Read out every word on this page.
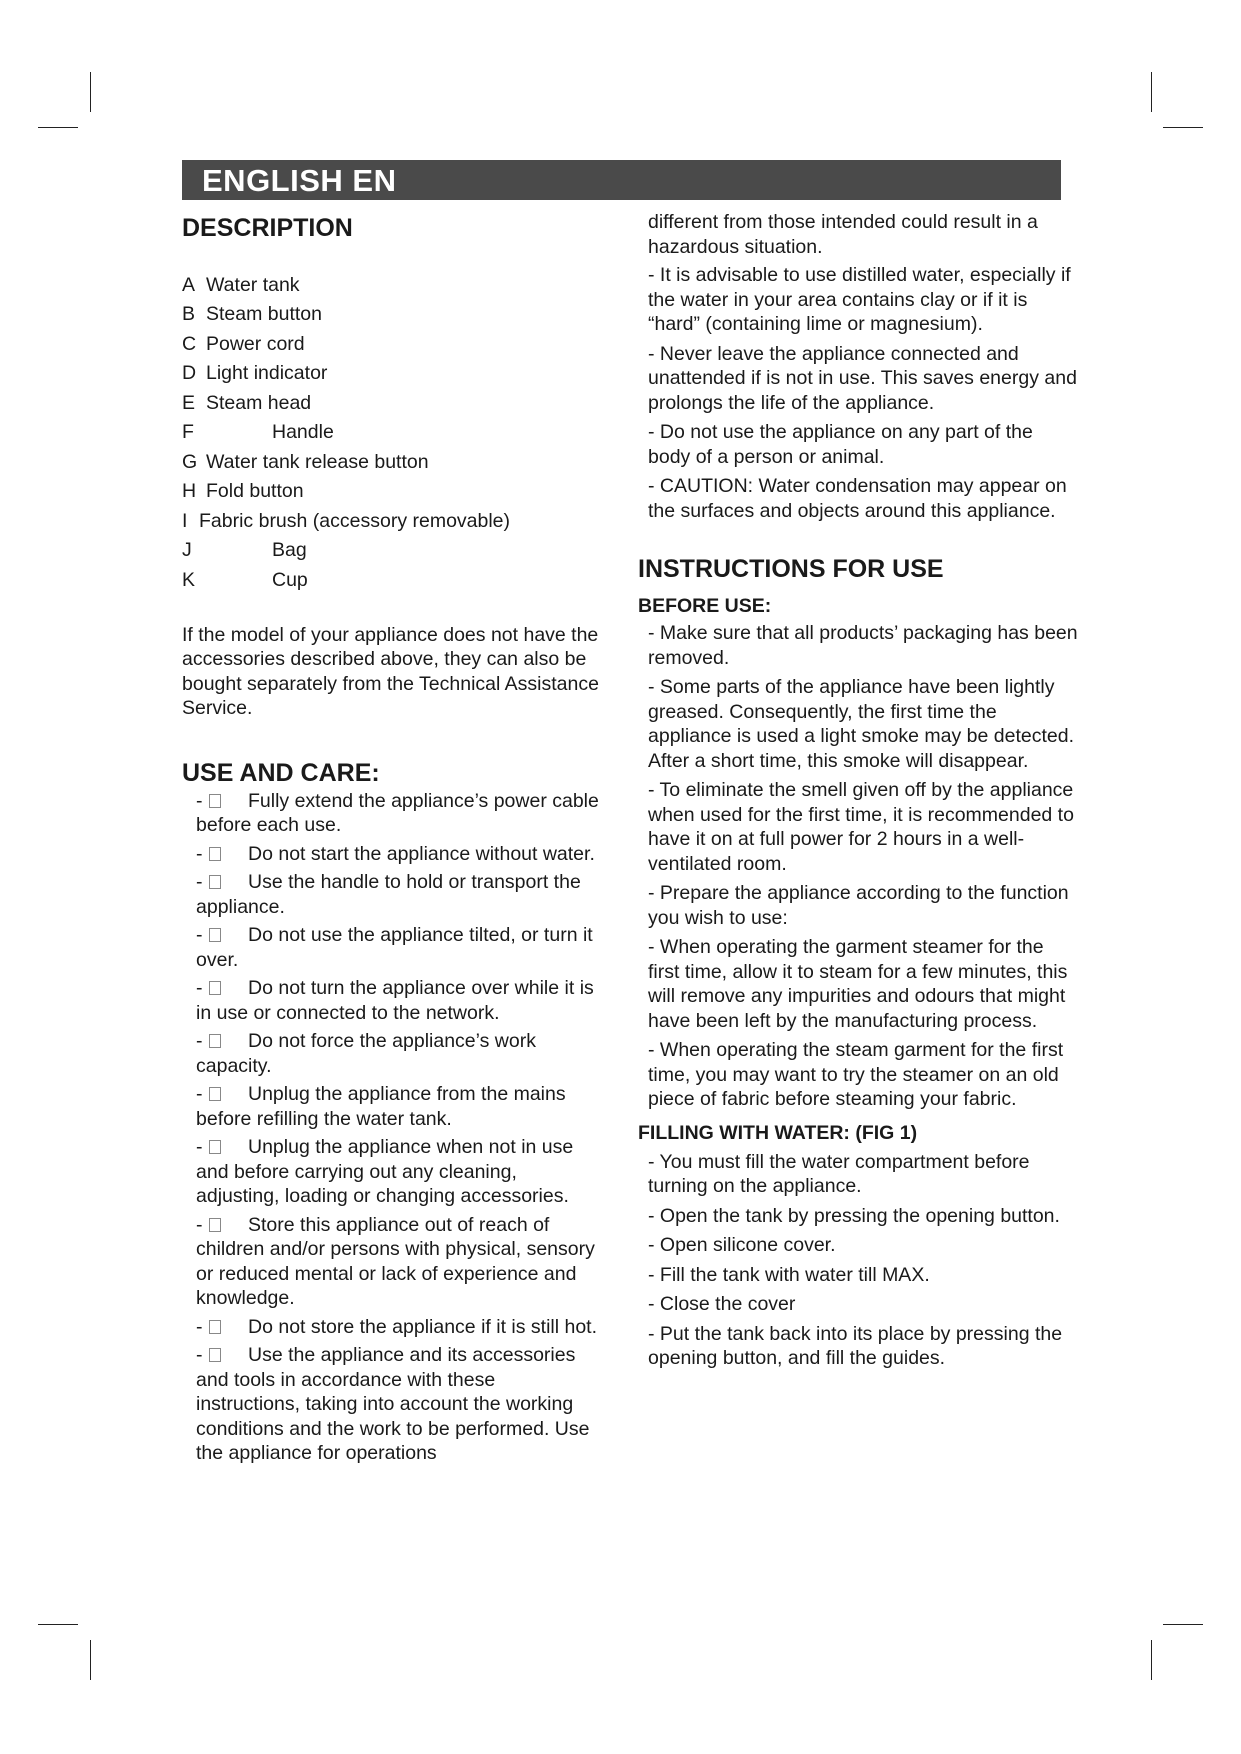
ENGLISH EN
DESCRIPTION
A Water tank
B Steam button
C Power cord
D Light indicator
E Steam head
F	Handle
G Water tank release button
H Fold button
I Fabric brush (accessory removable)
J	Bag
K	Cup

If the model of your appliance does not have the accessories described above, they can also be bought separately from the Technical Assistance Service.

USE AND CARE:
- Fully extend the appliance’s power cable before each use.
- Do not start the appliance without water.
- Use the handle to hold or transport the appliance.
- Do not use the appliance tilted, or turn it over.
- Do not turn the appliance over while it is in use or connected to the network.
- Do not force the appliance’s work capacity.
- Unplug the appliance from the mains before refilling the water tank.
- Unplug the appliance when not in use and before carrying out any cleaning, adjusting, loading or changing accessories.
- Store this appliance out of reach of children and/or persons with physical, sensory or reduced mental or lack of experience and knowledge.
- Do not store the appliance if it is still hot.
- Use the appliance and its accessories and tools in accordance with these instructions, taking into account the working conditions and the work to be performed. Use the appliance for operations

different from those intended could result in a hazardous situation.

- It is advisable to use distilled water, especially if the water in your area contains clay or if it is “hard” (containing lime or magnesium).
- Never leave the appliance connected and unattended if is not in use. This saves energy and prolongs the life of the appliance.
- Do not use the appliance on any part of the body of a person or animal.
- CAUTION: Water condensation may appear on the surfaces and objects around this appliance.
INSTRUCTIONS FOR USE
BEFORE USE:
- Make sure that all products’ packaging has been removed.
- Some parts of the appliance have been lightly greased. Consequently, the first time the appliance is used a light smoke may be detected. After a short time, this smoke will disappear.
- To eliminate the smell given off by the appliance when used for the first time, it is recommended to have it on at full power for 2 hours in a well-ventilated room.
- Prepare the appliance according to the function you wish to use:
- When operating the garment steamer for the first time, allow it to steam for a few minutes, this will remove any impurities and odours that might have been left by the manufacturing process.
- When operating the steam garment for the first time, you may want to try the steamer on an old piece of fabric before steaming your fabric.
FILLING WITH WATER: (FIG 1)
- You must fill the water compartment before turning on the appliance.
- Open the tank by pressing the opening button.
- Open silicone cover.
- Fill the tank with water till MAX.
- Close the cover
- Put the tank back into its place by pressing the opening button, and fill the guides.
